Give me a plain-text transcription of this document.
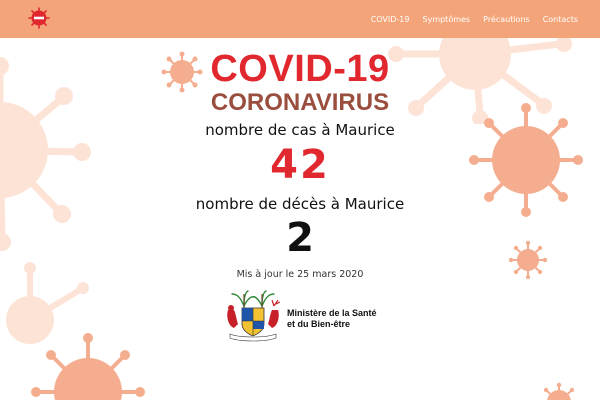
COVID-19 Symptômes Précautions Contacts
COVID-19
CORONAVIRUS
nombre de cas à Maurice
42
nombre de décès à Maurice
2
Mis à jour le 25 mars 2020
Ministère de la Santé
et du Bien-être
